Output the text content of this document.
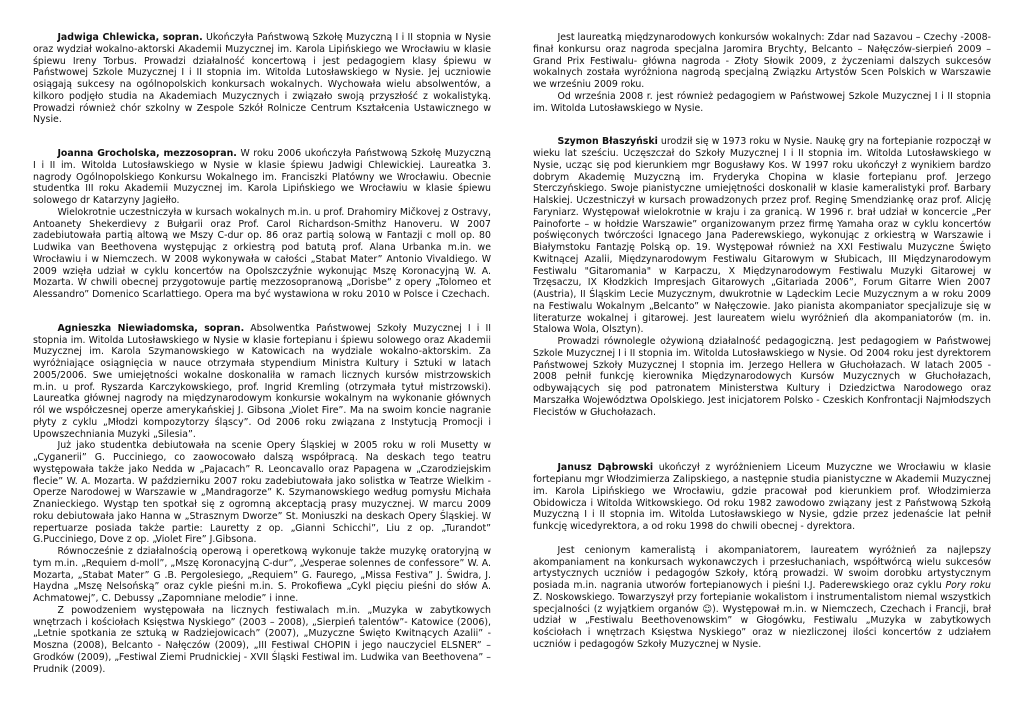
Jadwiga Chlewicka, sopran. Ukończyła Państwową Szkołę Muzyczną I i II stopnia w Nysie oraz wydział wokalno-aktorski Akademii Muzycznej im. Karola Lipińskiego we Wrocławiu w klasie śpiewu Ireny Torbus. Prowadzi działalność koncertową i jest pedagogiem klasy śpiewu w Państwowej Szkole Muzycznej I i II stopnia im. Witolda Lutosławskiego w Nysie. Jej uczniowie osiągają sukcesy na ogólnopolskich konkursach wokalnych. Wychowała wielu absolwentów, a kilkoro podjęło studia na Akademiach Muzycznych i związało swoją przyszłość z wokalistyką. Prowadzi również chór szkolny w Zespole Szkół Rolnicze Centrum Kształcenia Ustawicznego w Nysie.

Joanna Grocholska, mezzosopran. W roku 2006 ukończyła Państwową Szkołę Muzyczną I i II im. Witolda Lutosławskiego w Nysie w klasie śpiewu Jadwigi Chlewickiej. Laureatka 3. nagrody Ogólnopolskiego Konkursu Wokalnego im. Franciszki Platówny we Wrocławiu. Obecnie studentka III roku Akademii Muzycznej im. Karola Lipińskiego we Wrocławiu w klasie śpiewu solowego dr Katarzyny Jagiełło.

Wielokrotnie uczestniczyła w kursach wokalnych m.in. u prof. Drahomiry Mičkovej z Ostravy, Antoanety Shekerdievy z Bułgarii oraz Prof. Carol Richardson-Smithz Hanoveru. W 2007 zadebiutowała partią altową we Mszy C-dur op. 86 oraz partią solową w Fantazji c moll op. 80 Ludwika van Beethovena występując z orkiestrą pod batutą prof. Alana Urbanka m.in. we Wrocławiu i w Niemczech. W 2008 wykonywała w całości „Stabat Mater” Antonio Vivaldiego. W 2009 wzięła udział w cyklu koncertów na Opolszczyźnie wykonując Mszę Koronacyjną W. A. Mozarta. W chwili obecnej przygotowuje partię mezzosopranową „Dorisbe” z opery „Tolomeo et Alessandro” Domenico Scarlattiego. Opera ma być wystawiona w roku 2010 w Polsce i Czechach.

Agnieszka Niewiadomska, sopran. Absolwentka Państwowej Szkoły Muzycznej I i II stopnia im. Witolda Lutosławskiego w Nysie w klasie fortepianu i śpiewu solowego oraz Akademii Muzycznej im. Karola Szymanowskiego w Katowicach na wydziale wokalno-aktorskim. Za wyróżniające osiągnięcia w nauce otrzymała stypendium Ministra Kultury i Sztuki w latach 2005/2006. Swe umiejętności wokalne doskonaliła w ramach licznych kursów mistrzowskich m.in. u prof. Ryszarda Karczykowskiego, prof. Ingrid Kremling (otrzymała tytuł mistrzowski). Laureatka głównej nagrody na międzynarodowym konkursie wokalnym na wykonanie głównych ról we współczesnej operze amerykańskiej J. Gibsona „Violet Fire”. Ma na swoim koncie nagranie płyty z cyklu „Młodzi kompozytorzy śląscy”. Od 2006 roku związana z Instytucją Promocji i Upowszechniania Muzyki „Silesia”.

Już jako studentka debiutowała na scenie Opery Śląskiej w 2005 roku w roli Musetty w „Cyganerii” G. Pucciniego, co zaowocowało dalszą współpracą. Na deskach tego teatru występowała także jako Nedda w „Pajacach” R. Leoncavallo oraz Papagena w „Czarodziejskim flecie” W. A. Mozarta. W październiku 2007 roku zadebiutowała jako solistka w Teatrze Wielkim - Operze Narodowej w Warszawie w „Mandragorze” K. Szymanowskiego według pomysłu Michała Znanieckiego. Wystąp ten spotkał się z ogromną akceptacją prasy muzycznej. W marcu 2009 roku debiutowała jako Hanna w „Strasznym Dworze” St. Moniuszki na deskach Opery Śląskiej. W repertuarze posiada także partie: Lauretty z op. „Gianni Schicchi”, Liu z op. „Turandot” G.Pucciniego, Dove z op. „Violet Fire” J.Gibsona.

Równocześnie z działalnością operową i operetkową wykonuje także muzykę oratoryjną w tym m.in. „Requiem d-moll”, „Mszę Koronacyjną C-dur”, „Vesperae solennes de confessore” W. A. Mozarta, „Stabat Mater” G .B. Pergolesiego, „Requiem” G. Faurego, „Missa Festiva” J. Świdra, J. Haydna „Mszę Nelsońską” oraz cykle pieśni m.in. S. Prokofiewa „Cykl pięciu pieśni do słów A. Achmatowej”, C. Debussy „Zapomniane melodie” i inne.

Z powodzeniem występowała na licznych festiwalach m.in. „Muzyka w zabytkowych wnętrzach i kościołach Księstwa Nyskiego” (2003 – 2008), „Sierpień talentów”- Katowice (2006), „Letnie spotkania ze sztuką w Radziejowicach” (2007), „Muzyczne Święto Kwitnących Azalii” - Moszna (2008), Belcanto - Nałęczów (2009), „III Festiwal CHOPIN i jego nauczyciel ELSNER” – Grodków (2009), „Festiwal Ziemi Prudnickiej - XVII Śląski Festiwal im. Ludwika van Beethovena” – Prudnik (2009).

Jest laureatką międzynarodowych konkursów wokalnych: Zdar nad Sazavou – Czechy -2008- finał konkursu oraz nagroda specjalna Jaromira Brychty, Belcanto – Nałęczów-sierpień 2009 – Grand Prix Festiwalu- główna nagroda - Złoty Słowik 2009, z życzeniami dalszych sukcesów wokalnych została wyróżniona nagrodą specjalną Związku Artystów Scen Polskich w Warszawie we wrześniu 2009 roku.

Od września 2008 r. jest również pedagogiem w Państwowej Szkole Muzycznej I i II stopnia im. Witolda Lutosławskiego w Nysie.

Szymon Błaszyński urodził się w 1973 roku w Nysie. Naukę gry na fortepianie rozpoczął w wieku lat sześciu. Uczęszczał do Szkoły Muzycznej I i II stopnia im. Witolda Lutosławskiego w Nysie, ucząc się pod kierunkiem mgr Bogusławy Kos. W 1997 roku ukończył z wynikiem bardzo dobrym Akademię Muzyczną im. Fryderyka Chopina w klasie fortepianu prof. Jerzego Sterczyńskiego. Swoje pianistyczne umiejętności doskonalił w klasie kameralistyki prof. Barbary Halskiej. Uczestniczył w kursach prowadzonych przez prof. Reginę Smendziankę oraz prof. Alicję Faryniarz. Występował wielokrotnie w kraju i za granicą. W 1996 r. brał udział w koncercie „Per Painoforte – w hołdzie Warszawie” organizowanym przez firmę Yamaha oraz w cyklu koncertów poświęconych twórczości Ignacego Jana Paderewskiego, wykonując z orkiestrą w Warszawie i Białymstoku Fantazję Polską op. 19. Występował również na XXI Festiwalu Muzyczne Święto Kwitnącej Azalii, Międzynarodowym Festiwalu Gitarowym w Słubicach, III Międzynarodowym Festiwalu "Gitaromania" w Karpaczu, X Międzynarodowym Festiwalu Muzyki Gitarowej w Trzęsaczu, IX Kłodzkich Impresjach Gitarowych „Gitariada 2006”, Forum Gitarre Wien 2007 (Austria), II Śląskim Lecie Muzycznym, dwukrotnie w Lądeckim Lecie Muzycznym a w roku 2009 na Festiwalu Wokalnym „Belcanto” w Nałęczowie. Jako pianista akompaniator specjalizuje się w literaturze wokalnej i gitarowej. Jest laureatem wielu wyróżnień dla akompaniatorów (m. in. Stalowa Wola, Olsztyn).

Prowadzi równolegle ożywioną działalność pedagogiczną. Jest pedagogiem w Państwowej Szkole Muzycznej I i II stopnia im. Witolda Lutosławskiego w Nysie. Od 2004 roku jest dyrektorem Państwowej Szkoły Muzycznej I stopnia im. Jerzego Hellera w Głuchołazach. W latach 2005 - 2008 pełnił funkcję kierownika Międzynarodowych Kursów Muzycznych w Głuchołazach, odbywających się pod patronatem Ministerstwa Kultury i Dziedzictwa Narodowego oraz Marszałka Województwa Opolskiego. Jest inicjatorem Polsko - Czeskich Konfrontacji Najmłodszych Flecistów w Głuchołazach.

Janusz Dąbrowski ukończył z wyróżnieniem Liceum Muzyczne we Wrocławiu w klasie fortepianu mgr Włodzimierza Zalipskiego, a następnie studia pianistyczne w Akademii Muzycznej im. Karola Lipińskiego we Wrocławiu, gdzie pracował pod kierunkiem prof. Włodzimierza Obidowicza i Witolda Witkowskiego. Od roku 1982 zawodowo związany jest z Państwową Szkołą Muzyczną I i II stopnia im. Witolda Lutosławskiego w Nysie, gdzie przez jedenaście lat pełnił funkcję wicedyrektora, a od roku 1998 do chwili obecnej - dyrektora.

Jest cenionym kameralistą i akompaniatorem, laureatem wyróżnień za najlepszy akompaniament na konkursach wykonawczych i przesłuchaniach, współtwórcą wielu sukcesów artystycznych uczniów i pedagogów Szkoły, którą prowadzi. W swoim dorobku artystycznym posiada m.in. nagrania utworów fortepianowych i pieśni I.J. Paderewskiego oraz cyklu Pory roku Z. Noskowskiego. Towarzyszył przy fortepianie wokalistom i instrumentalistom niemal wszystkich specjalności (z wyjątkiem organów ☺). Występował m.in. w Niemczech, Czechach i Francji, brał udział w „Festiwalu Beethovenowskim” w Głogówku, Festiwalu „Muzyka w zabytkowych kościołach i wnętrzach Księstwa Nyskiego” oraz w niezliczonej ilości koncertów z udziałem uczniów i pedagogów Szkoły Muzycznej w Nysie.
